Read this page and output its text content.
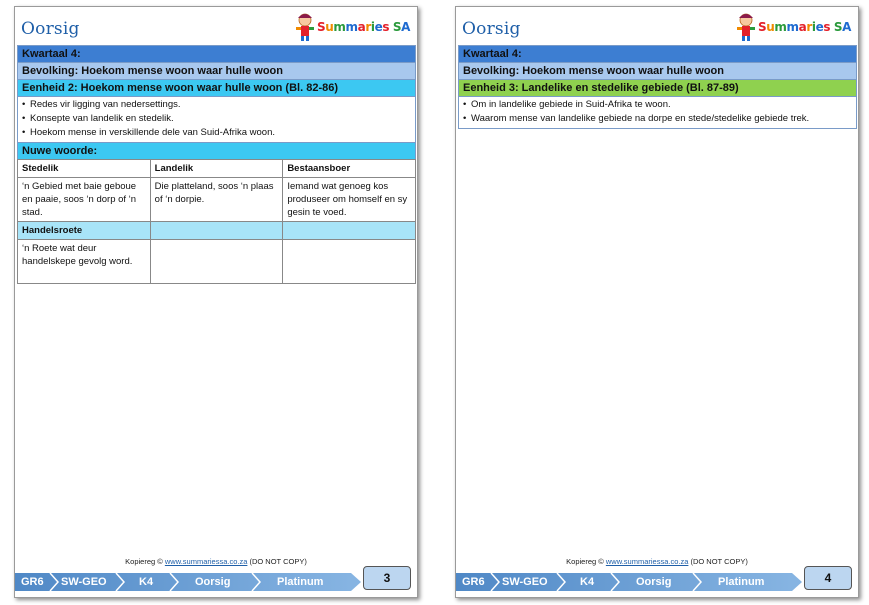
Oorsig	Summaries SA
Kwartaal 4:
Bevolking: Hoekom mense woon waar hulle woon
Eenheid 2: Hoekom mense woon waar hulle woon (Bl. 82-86)
• Redes vir ligging van nedersettings.
• Konsepte van landelik en stedelik.
• Hoekom mense in verskillende dele van Suid-Afrika woon.
Nuwe woorde:
Stedelik	Landelik	Bestaansboer
‘n Gebied met baie geboue en paaie, soos ‘n dorp of ‘n stad.	Die platteland, soos ‘n plaas of ‘n dorpie.	Iemand wat genoeg kos produseer om homself en sy gesin te voed.
Handelsroete		
‘n Roete wat deur handelskepe gevolg word.		
Kopiereg © www.summariessa.co.za (DO NOT COPY)
GR6 SW-GEO	K4	Oorsig	Platinum	3
Oorsig	Summaries SA
Kwartaal 4:
Bevolking: Hoekom mense woon waar hulle woon
Eenheid 3: Landelike en stedelike gebiede (Bl. 87-89)
• Om in landelike gebiede in Suid-Afrika te woon.
• Waarom mense van landelike gebiede na dorpe en stede/stedelike gebiede trek.
Kopiereg © www.summariessa.co.za (DO NOT COPY)
GR6 SW-GEO	K4	Oorsig	Platinum	4
